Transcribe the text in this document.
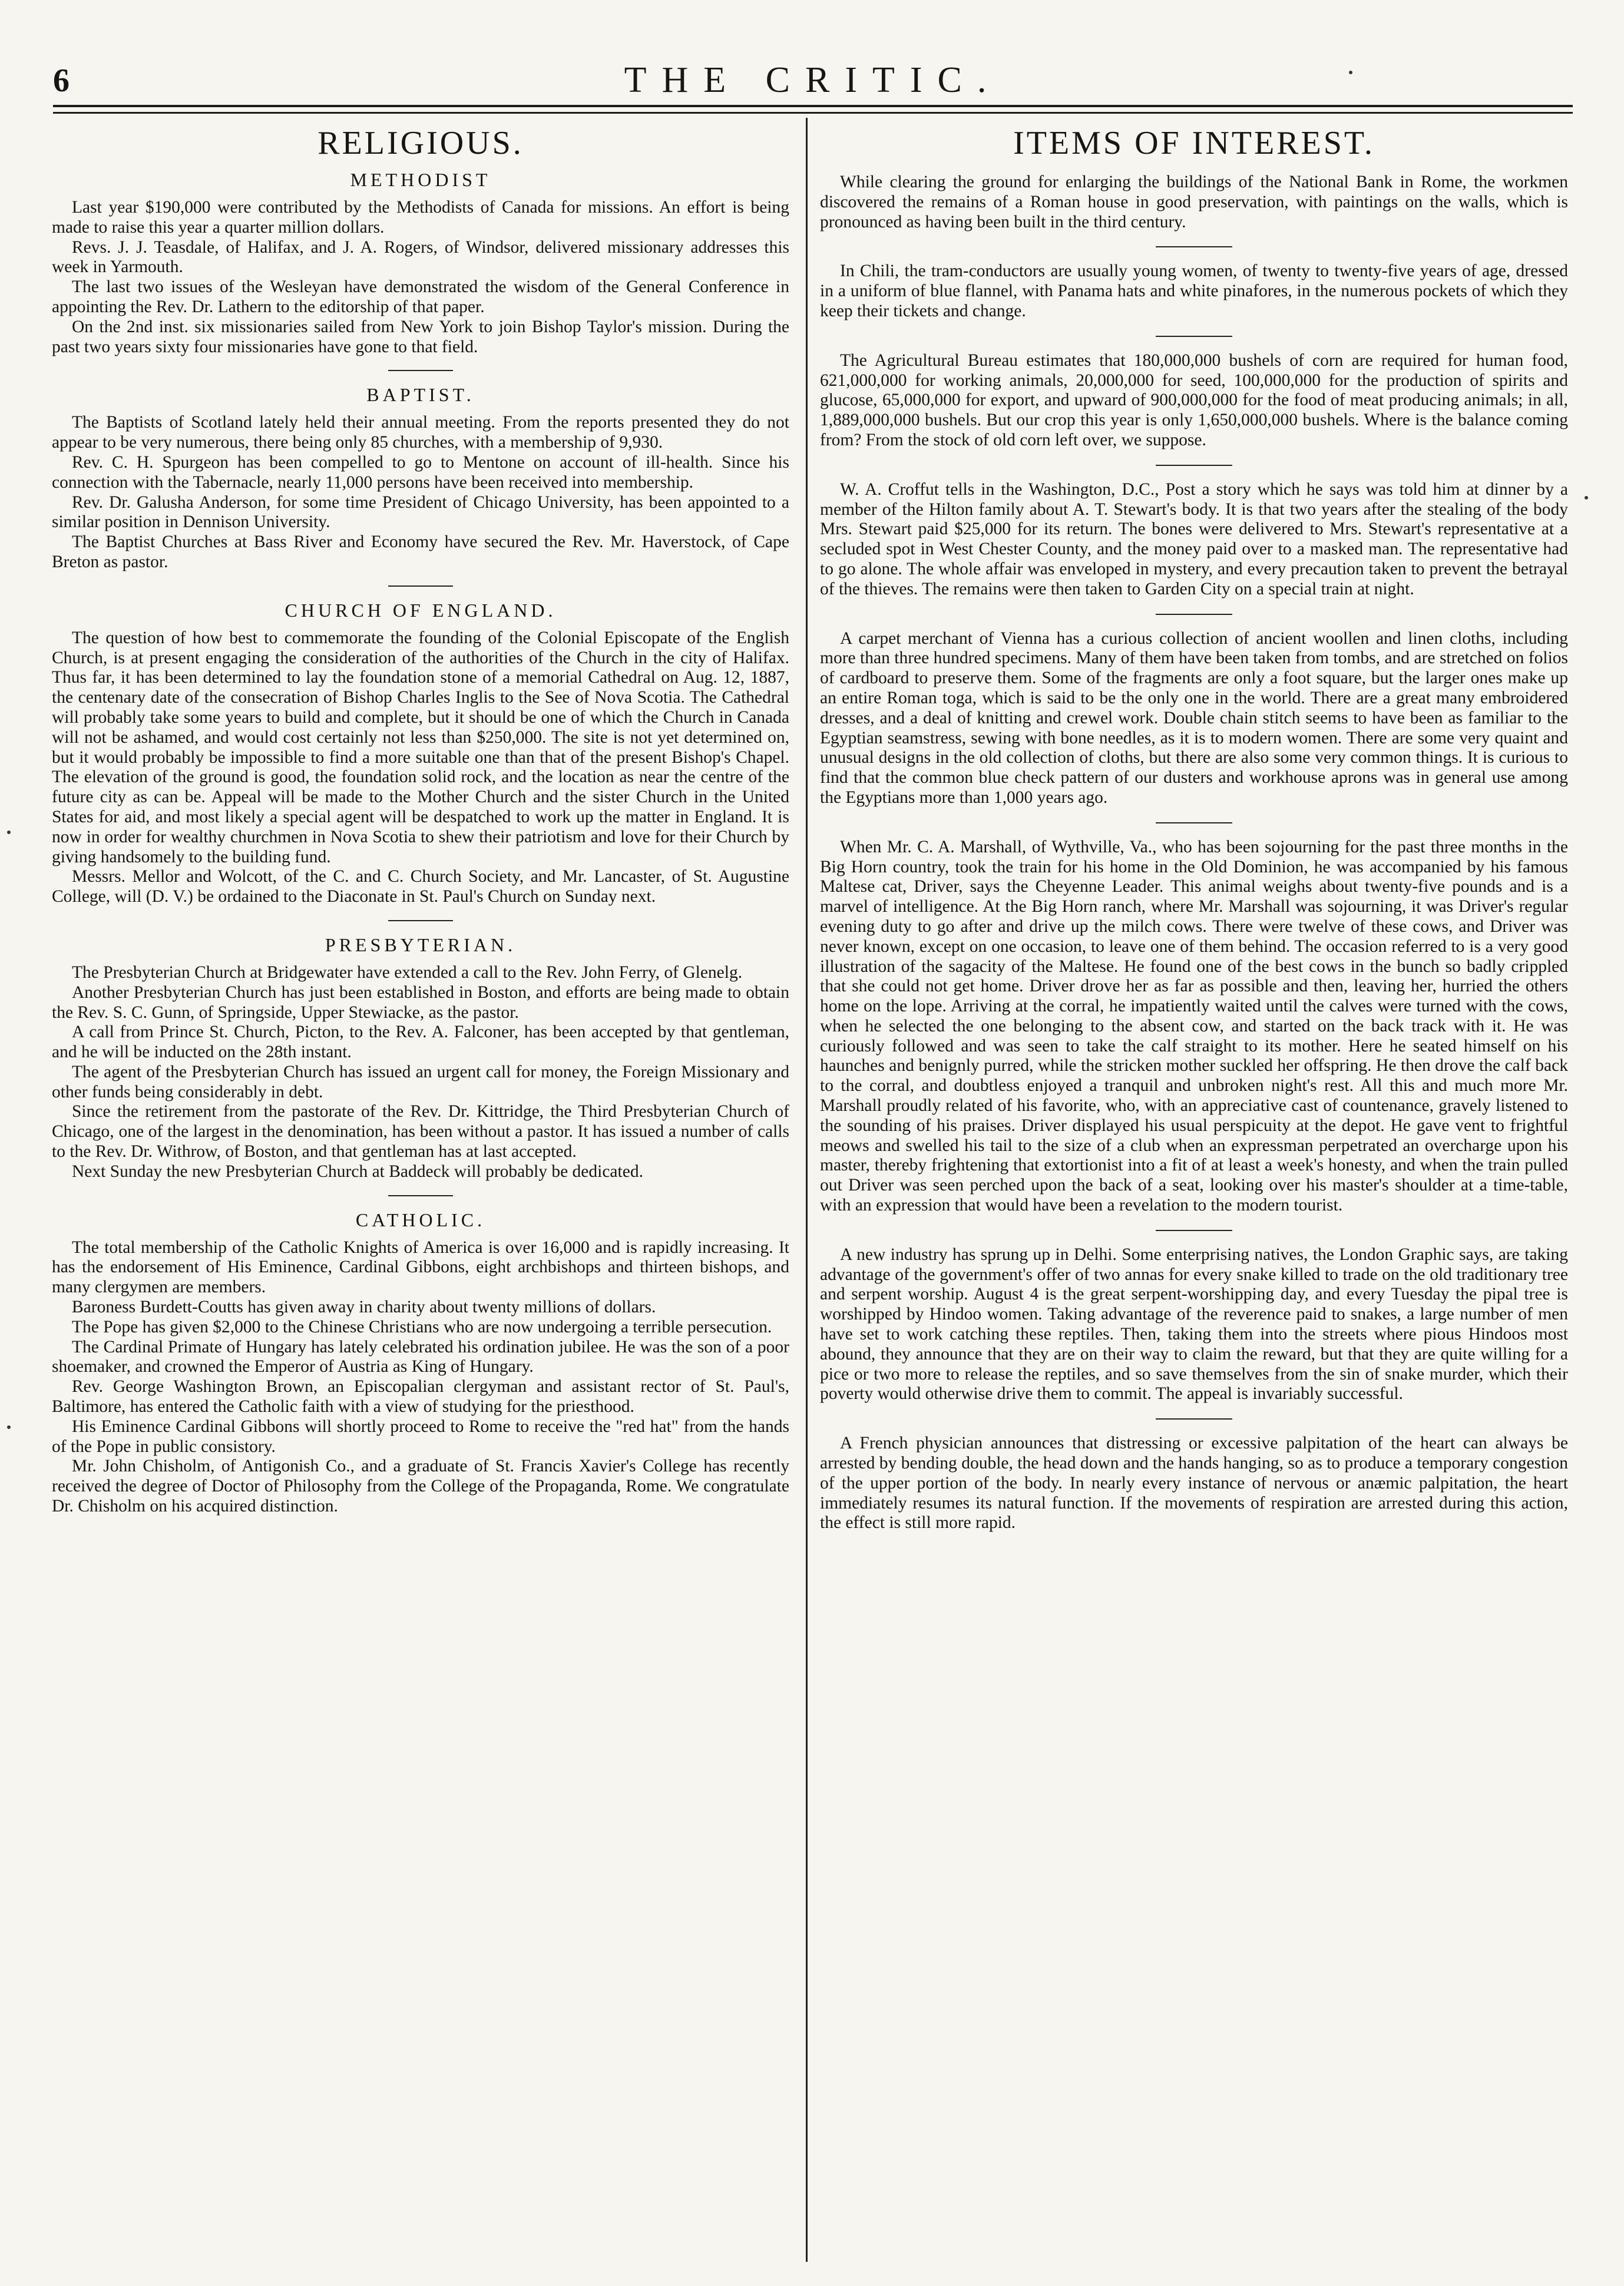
6	THE CRITIC.
RELIGIOUS.
METHODIST

Last year $190,000 were contributed by the Methodists of Canada for missions. An effort is being made to raise this year a quarter million dollars.

Revs. J. J. Teasdale, of Halifax, and J. A. Rogers, of Windsor, delivered missionary addresses this week in Yarmouth.

The last two issues of the Wesleyan have demonstrated the wisdom of the General Conference in appointing the Rev. Dr. Lathern to the editorship of that paper.

On the 2nd inst. six missionaries sailed from New York to join Bishop Taylor's mission. During the past two years sixty four missionaries have gone to that field.

BAPTIST.

The Baptists of Scotland lately held their annual meeting. From the reports presented they do not appear to be very numerous, there being only 85 churches, with a membership of 9,930.

Rev. C. H. Spurgeon has been compelled to go to Mentone on account of ill-health. Since his connection with the Tabernacle, nearly 11,000 persons have been received into membership.

Rev. Dr. Galusha Anderson, for some time President of Chicago University, has been appointed to a similar position in Dennison University.

The Baptist Churches at Bass River and Economy have secured the Rev. Mr. Haverstock, of Cape Breton as pastor.

CHURCH OF ENGLAND.

The question of how best to commemorate the founding of the Colonial Episcopate of the English Church, is at present engaging the consideration of the authorities of the Church in the city of Halifax. Thus far, it has been determined to lay the foundation stone of a memorial Cathedral on Aug. 12, 1887, the centenary date of the consecration of Bishop Charles Inglis to the See of Nova Scotia. The Cathedral will probably take some years to build and complete, but it should be one of which the Church in Canada will not be ashamed, and would cost certainly not less than $250,000. The site is not yet determined on, but it would probably be impossible to find a more suitable one than that of the present Bishop's Chapel. The elevation of the ground is good, the foundation solid rock, and the location as near the centre of the future city as can be. Appeal will be made to the Mother Church and the sister Church in the United States for aid, and most likely a special agent will be despatched to work up the matter in England. It is now in order for wealthy churchmen in Nova Scotia to shew their patriotism and love for their Church by giving handsomely to the building fund.

Messrs. Mellor and Wolcott, of the C. and C. Church Society, and Mr. Lancaster, of St. Augustine College, will (D. V.) be ordained to the Diaconate in St. Paul's Church on Sunday next.

PRESBYTERIAN.

The Presbyterian Church at Bridgewater have extended a call to the Rev. John Ferry, of Glenelg.

Another Presbyterian Church has just been established in Boston, and efforts are being made to obtain the Rev. S. C. Gunn, of Springside, Upper Stewiacke, as the pastor.

A call from Prince St. Church, Picton, to the Rev. A. Falconer, has been accepted by that gentleman, and he will be inducted on the 28th instant.

The agent of the Presbyterian Church has issued an urgent call for money, the Foreign Missionary and other funds being considerably in debt.

Since the retirement from the pastorate of the Rev. Dr. Kittridge, the Third Presbyterian Church of Chicago, one of the largest in the denomination, has been without a pastor. It has issued a number of calls to the Rev. Dr. Withrow, of Boston, and that gentleman has at last accepted.

Next Sunday the new Presbyterian Church at Baddeck will probably be dedicated.

CATHOLIC.

The total membership of the Catholic Knights of America is over 16,000 and is rapidly increasing. It has the endorsement of His Eminence, Cardinal Gibbons, eight archbishops and thirteen bishops, and many clergymen are members.

Baroness Burdett-Coutts has given away in charity about twenty millions of dollars.

The Pope has given $2,000 to the Chinese Christians who are now undergoing a terrible persecution.

The Cardinal Primate of Hungary has lately celebrated his ordination jubilee. He was the son of a poor shoemaker, and crowned the Emperor of Austria as King of Hungary.

Rev. George Washington Brown, an Episcopalian clergyman and assistant rector of St. Paul's, Baltimore, has entered the Catholic faith with a view of studying for the priesthood.

His Eminence Cardinal Gibbons will shortly proceed to Rome to receive the "red hat" from the hands of the Pope in public consistory.

Mr. John Chisholm, of Antigonish Co., and a graduate of St. Francis Xavier's College has recently received the degree of Doctor of Philosophy from the College of the Propaganda, Rome. We congratulate Dr. Chisholm on his acquired distinction.

ITEMS OF INTEREST.

While clearing the ground for enlarging the buildings of the National Bank in Rome, the workmen discovered the remains of a Roman house in good preservation, with paintings on the walls, which is pronounced as having been built in the third century.

In Chili, the tram-conductors are usually young women, of twenty to twenty-five years of age, dressed in a uniform of blue flannel, with Panama hats and white pinafores, in the numerous pockets of which they keep their tickets and change.

The Agricultural Bureau estimates that 180,000,000 bushels of corn are required for human food, 621,000,000 for working animals, 20,000,000 for seed, 100,000,000 for the production of spirits and glucose, 65,000,000 for export, and upward of 900,000,000 for the food of meat producing animals; in all, 1,889,000,000 bushels. But our crop this year is only 1,650,000,000 bushels. Where is the balance coming from? From the stock of old corn left over, we suppose.

W. A. Croffut tells in the Washington, D.C., Post a story which he says was told him at dinner by a member of the Hilton family about A. T. Stewart's body. It is that two years after the stealing of the body Mrs. Stewart paid $25,000 for its return. The bones were delivered to Mrs. Stewart's representative at a secluded spot in West Chester County, and the money paid over to a masked man. The representative had to go alone. The whole affair was enveloped in mystery, and every precaution taken to prevent the betrayal of the thieves. The remains were then taken to Garden City on a special train at night.

A carpet merchant of Vienna has a curious collection of ancient woollen and linen cloths, including more than three hundred specimens. Many of them have been taken from tombs, and are stretched on folios of cardboard to preserve them. Some of the fragments are only a foot square, but the larger ones make up an entire Roman toga, which is said to be the only one in the world. There are a great many embroidered dresses, and a deal of knitting and crewel work. Double chain stitch seems to have been as familiar to the Egyptian seamstress, sewing with bone needles, as it is to modern women. There are some very quaint and unusual designs in the old collection of cloths, but there are also some very common things. It is curious to find that the common blue check pattern of our dusters and workhouse aprons was in general use among the Egyptians more than 1,000 years ago.

When Mr. C. A. Marshall, of Wythville, Va., who has been sojourning for the past three months in the Big Horn country, took the train for his home in the Old Dominion, he was accompanied by his famous Maltese cat, Driver, says the Cheyenne Leader. This animal weighs about twenty-five pounds and is a marvel of intelligence. At the Big Horn ranch, where Mr. Marshall was sojourning, it was Driver's regular evening duty to go after and drive up the milch cows. There were twelve of these cows, and Driver was never known, except on one occasion, to leave one of them behind. The occasion referred to is a very good illustration of the sagacity of the Maltese. He found one of the best cows in the bunch so badly crippled that she could not get home. Driver drove her as far as possible and then, leaving her, hurried the others home on the lope. Arriving at the corral, he impatiently waited until the calves were turned with the cows, when he selected the one belonging to the absent cow, and started on the back track with it. He was curiously followed and was seen to take the calf straight to its mother. Here he seated himself on his haunches and benignly purred, while the stricken mother suckled her offspring. He then drove the calf back to the corral, and doubtless enjoyed a tranquil and unbroken night's rest. All this and much more Mr. Marshall proudly related of his favorite, who, with an appreciative cast of countenance, gravely listened to the sounding of his praises. Driver displayed his usual perspicuity at the depot. He gave vent to frightful meows and swelled his tail to the size of a club when an expressman perpetrated an overcharge upon his master, thereby frightening that extortionist into a fit of at least a week's honesty, and when the train pulled out Driver was seen perched upon the back of a seat, looking over his master's shoulder at a time-table, with an expression that would have been a revelation to the modern tourist.

A new industry has sprung up in Delhi. Some enterprising natives, the London Graphic says, are taking advantage of the government's offer of two annas for every snake killed to trade on the old traditionary tree and serpent worship. August 4 is the great serpent-worshipping day, and every Tuesday the pipal tree is worshipped by Hindoo women. Taking advantage of the reverence paid to snakes, a large number of men have set to work catching these reptiles. Then, taking them into the streets where pious Hindoos most abound, they announce that they are on their way to claim the reward, but that they are quite willing for a pice or two more to release the reptiles, and so save themselves from the sin of snake murder, which their poverty would otherwise drive them to commit. The appeal is invariably successful.

A French physician announces that distressing or excessive palpitation of the heart can always be arrested by bending double, the head down and the hands hanging, so as to produce a temporary congestion of the upper portion of the body. In nearly every instance of nervous or anæmic palpitation, the heart immediately resumes its natural function. If the movements of respiration are arrested during this action, the effect is still more rapid.
